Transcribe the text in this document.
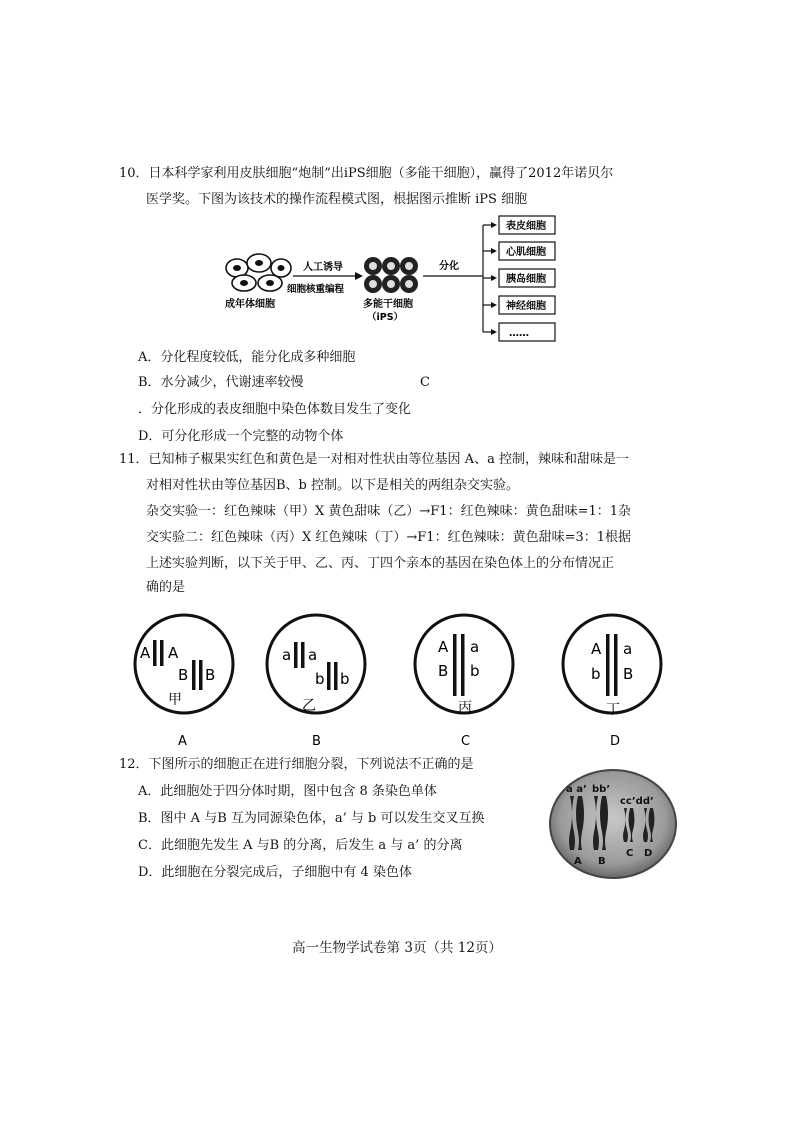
10．日本科学家利用皮肤细胞“炮制”出iPS细胞（多能干细胞），赢得了2012年诺贝尔
医学奖。下图为该技术的操作流程模式图，根据图示推断 iPS 细胞
成年体细胞
人工诱导
细胞核重编程
多能干细胞
（iPS）
分化
表皮细胞
心肌细胞
胰岛细胞
神经细胞
……
A．分化程度较低，能分化成多种细胞
B．水分减少，代谢速率较慢	C
．分化形成的表皮细胞中染色体数目发生了变化
D．可分化形成一个完整的动物个体
11．已知柿子椒果实红色和黄色是一对相对性状由等位基因 A、a 控制，辣味和甜味是一
对相对性状由等位基因B、b 控制。以下是相关的两组杂交实验。
杂交实验一：红色辣味（甲）X 黄色甜味（乙）→F1：红色辣味：黄色甜味=1：1杂
交实验二：红色辣味（丙）X 红色辣味（丁）→F1：红色辣味：黄色甜味=3：1根据
上述实验判断，以下关于甲、乙、丙、丁四个亲本的基因在染色体上的分布情况正
确的是
A A
B B
甲
a a
b b
乙
A a
B b
丙
A a
b B
丁
A	B	C	D
12．下图所示的细胞正在进行细胞分裂，下列说法不正确的是
A．此细胞处于四分体时期，图中包含 8 条染色单体
B．图中 A 与B 互为同源染色体，a’ 与 b 可以发生交叉互换
C．此细胞先发生 A 与B 的分离，后发生 a 与 a’ 的分离
D．此细胞在分裂完成后，子细胞中有 4 染色体
a a’ bb’
cc’dd’
A B
C D
高一生物学试卷第 3页（共 12页）
